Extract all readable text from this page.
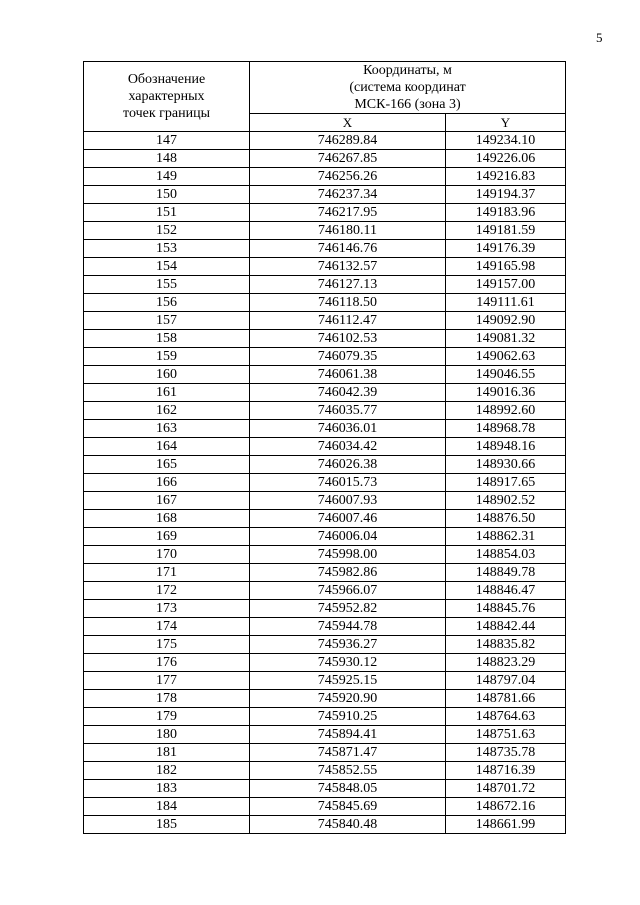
5
Обозначение
характерных
точек границы	Координаты, м
(система координат
МСК-166 (зона 3)	
	X	Y
147	746289.84	149234.10
148	746267.85	149226.06
149	746256.26	149216.83
150	746237.34	149194.37
151	746217.95	149183.96
152	746180.11	149181.59
153	746146.76	149176.39
154	746132.57	149165.98
155	746127.13	149157.00
156	746118.50	149111.61
157	746112.47	149092.90
158	746102.53	149081.32
159	746079.35	149062.63
160	746061.38	149046.55
161	746042.39	149016.36
162	746035.77	148992.60
163	746036.01	148968.78
164	746034.42	148948.16
165	746026.38	148930.66
166	746015.73	148917.65
167	746007.93	148902.52
168	746007.46	148876.50
169	746006.04	148862.31
170	745998.00	148854.03
171	745982.86	148849.78
172	745966.07	148846.47
173	745952.82	148845.76
174	745944.78	148842.44
175	745936.27	148835.82
176	745930.12	148823.29
177	745925.15	148797.04
178	745920.90	148781.66
179	745910.25	148764.63
180	745894.41	148751.63
181	745871.47	148735.78
182	745852.55	148716.39
183	745848.05	148701.72
184	745845.69	148672.16
185	745840.48	148661.99
